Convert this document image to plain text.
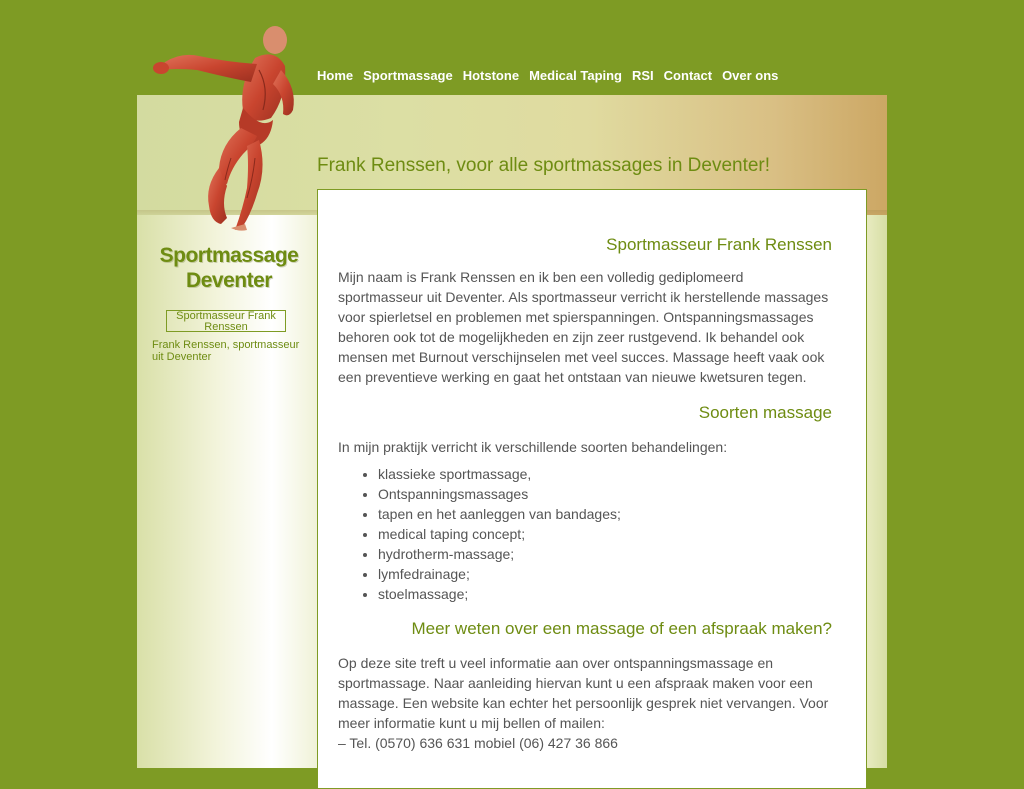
Home Sportmassage Hotstone Medical Taping RSI Contact Over ons
Frank Renssen, voor alle sportmassages in Deventer!
Sportmassage
Deventer
Sportmasseur Frank Renssen
Frank Renssen, sportmasseur uit Deventer
Sportmasseur Frank Renssen

Mijn naam is Frank Renssen en ik ben een volledig gediplomeerd sportmasseur uit Deventer. Als sportmasseur verricht ik herstellende massages voor spierletsel en problemen met spierspanningen. Ontspanningsmassages behoren ook tot de mogelijkheden en zijn zeer rustgevend. Ik behandel ook mensen met Burnout verschijnselen met veel succes. Massage heeft vaak ook een preventieve werking en gaat het ontstaan van nieuwe kwetsuren tegen.

Soorten massage

In mijn praktijk verricht ik verschillende soorten behandelingen:

• klassieke sportmassage,
• Ontspanningsmassages
• tapen en het aanleggen van bandages;
• medical taping concept;
• hydrotherm-massage;
• lymfedrainage;
• stoelmassage;
Meer weten over een massage of een afspraak maken?

Op deze site treft u veel informatie aan over ontspanningsmassage en sportmassage. Naar aanleiding hiervan kunt u een afspraak maken voor een massage. Een website kan echter het persoonlijk gesprek niet vervangen. Voor meer informatie kunt u mij bellen of mailen:

– Tel. (0570) 636 631 mobiel (06) 427 36 866
